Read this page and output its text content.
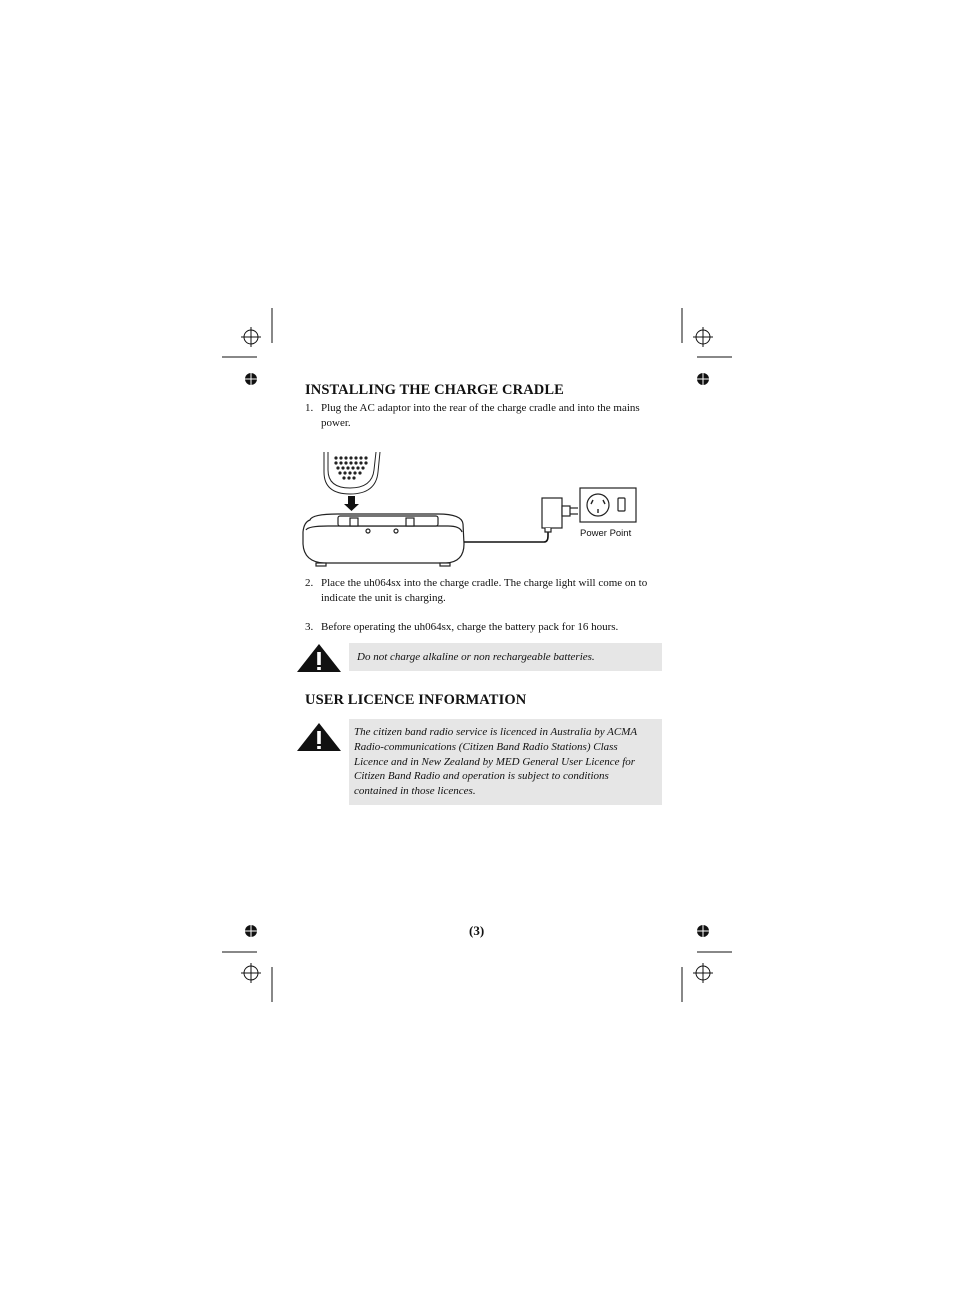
INSTALLING THE CHARGE CRADLE
1. Plug the AC adaptor into the rear of the charge cradle and into the mains power.
Power Point
2. Place the uh064sx into the charge cradle. The charge light will come on to indicate the unit is charging.
3. Before operating the uh064sx, charge the battery pack for 16 hours.
Do not charge alkaline or non rechargeable batteries.
USER LICENCE INFORMATION
The citizen band radio service is licenced in Australia by ACMA Radio-communications (Citizen Band Radio Stations) Class Licence and in New Zealand by MED General User Licence for Citizen Band Radio and operation is subject to conditions contained in those licences.
(3)
